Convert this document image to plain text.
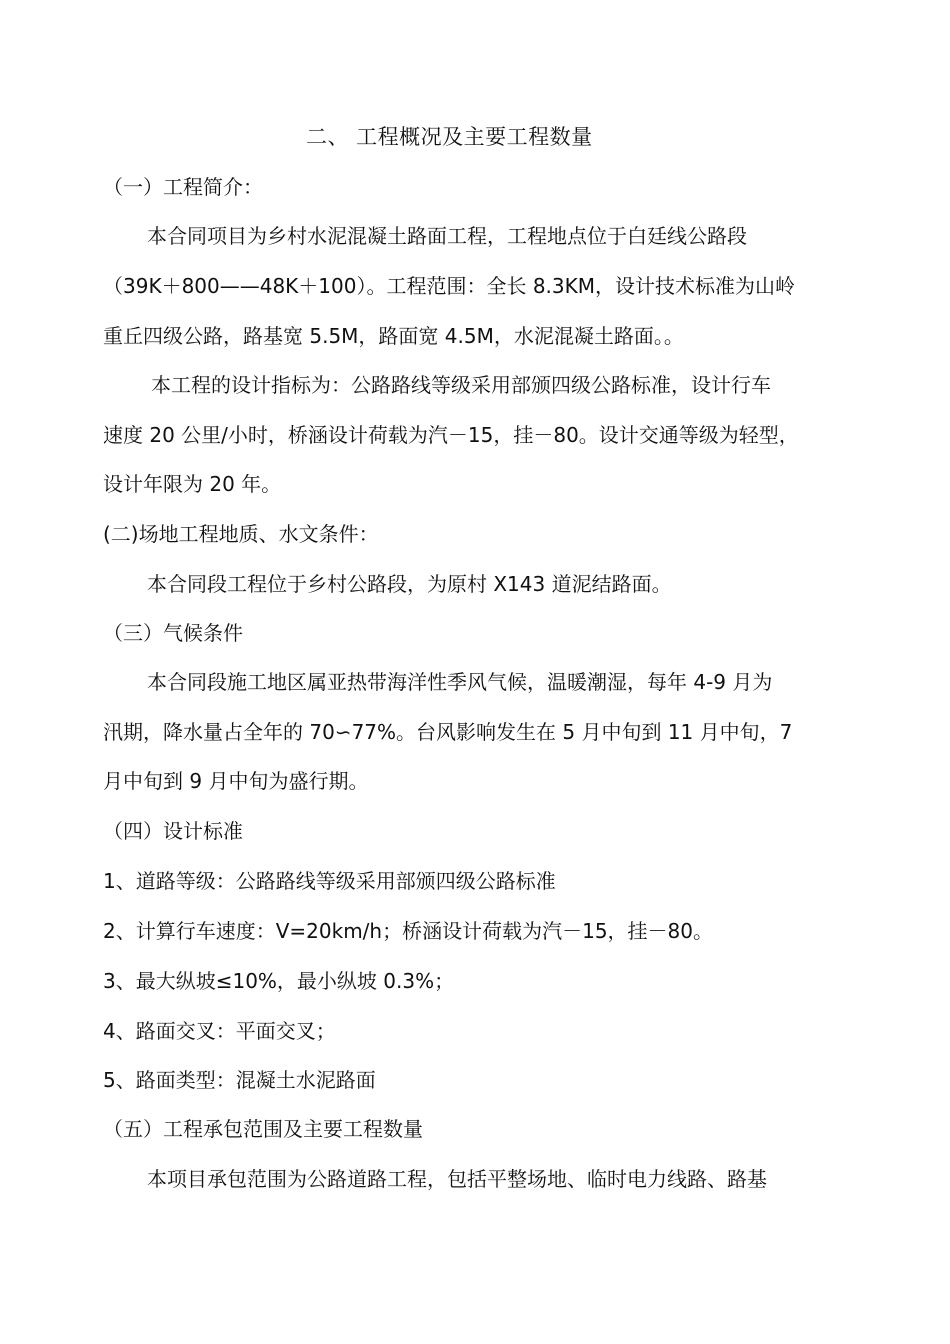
二、 工程概况及主要工程数量
（一）工程简介：
本合同项目为乡村水泥混凝土路面工程，工程地点位于白廷线公路段
（39K＋800——48K＋100）。工程范围：全长 8.3KM，设计技术标准为山岭
重丘四级公路，路基宽 5.5M，路面宽 4.5M，水泥混凝土路面。。
本工程的设计指标为：公路路线等级采用部颁四级公路标准，设计行车
速度 20 公里/小时，桥涵设计荷载为汽－15，挂－80。设计交通等级为轻型，
设计年限为 20 年。
(二)场地工程地质、水文条件：
本合同段工程位于乡村公路段，为原村 X143 道泥结路面。
（三）气候条件
本合同段施工地区属亚热带海洋性季风气候，温暖潮湿，每年 4-9 月为
汛期，降水量占全年的 70∽77%。台风影响发生在 5 月中旬到 11 月中旬，7
月中旬到 9 月中旬为盛行期。
（四）设计标准
1、道路等级：公路路线等级采用部颁四级公路标准
2、计算行车速度：V=20km/h；桥涵设计荷载为汽－15，挂－80。
3、最大纵坡≤10%，最小纵坡 0.3%；
4、路面交叉：平面交叉；
5、路面类型：混凝土水泥路面
（五）工程承包范围及主要工程数量
本项目承包范围为公路道路工程，包括平整场地、临时电力线路、路基
